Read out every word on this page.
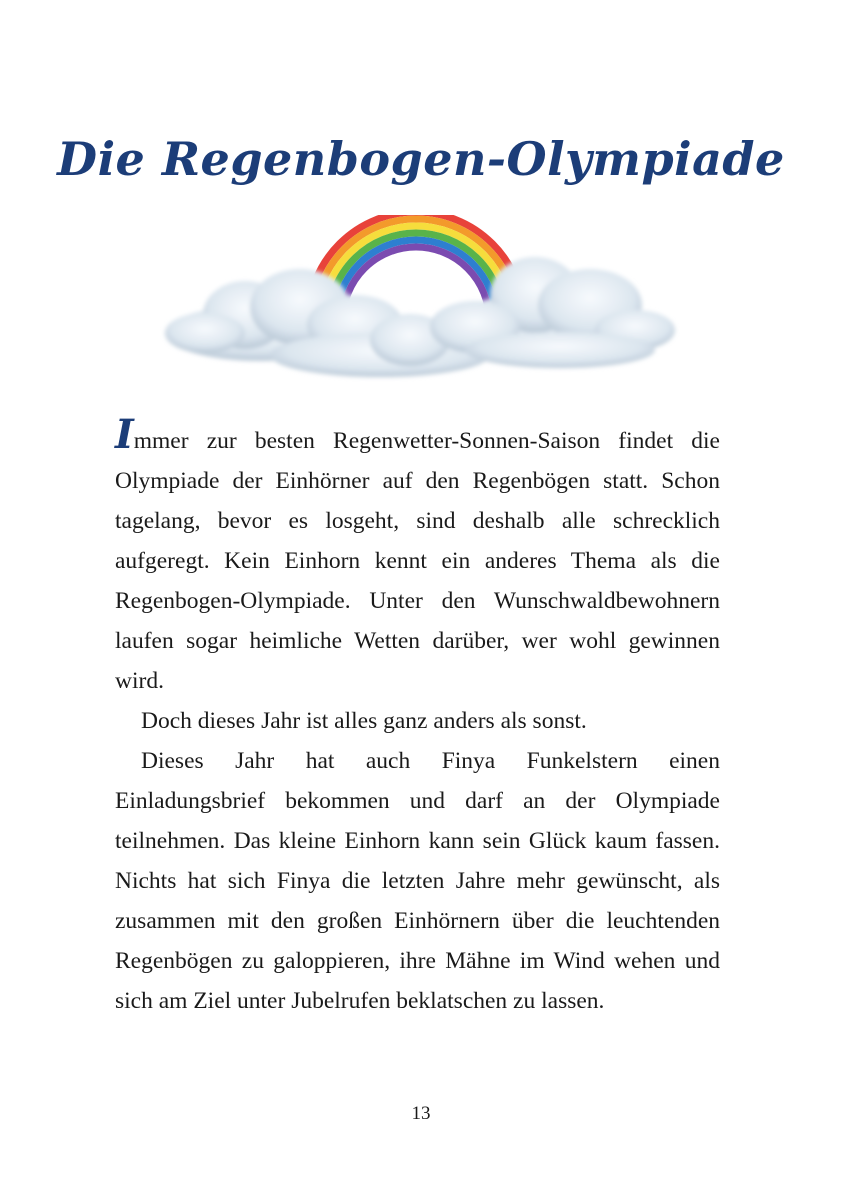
Die Regenbogen-Olympiade

Immer zur besten Regenwetter-Sonnen-Saison findet die Olympiade der Einhörner auf den Regenbögen statt. Schon tagelang, bevor es losgeht, sind deshalb alle schrecklich aufgeregt. Kein Einhorn kennt ein anderes Thema als die Regenbogen-Olympiade. Unter den Wunschwaldbewohnern laufen sogar heimliche Wetten darüber, wer wohl gewinnen wird.

Doch dieses Jahr ist alles ganz anders als sonst.

Dieses Jahr hat auch Finya Funkelstern einen Einladungsbrief bekommen und darf an der Olympiade teilnehmen. Das kleine Einhorn kann sein Glück kaum fassen. Nichts hat sich Finya die letzten Jahre mehr gewünscht, als zusammen mit den großen Einhörnern über die leuchtenden Regenbögen zu galoppieren, ihre Mähne im Wind wehen und sich am Ziel unter Jubelrufen beklatschen zu lassen.

13
